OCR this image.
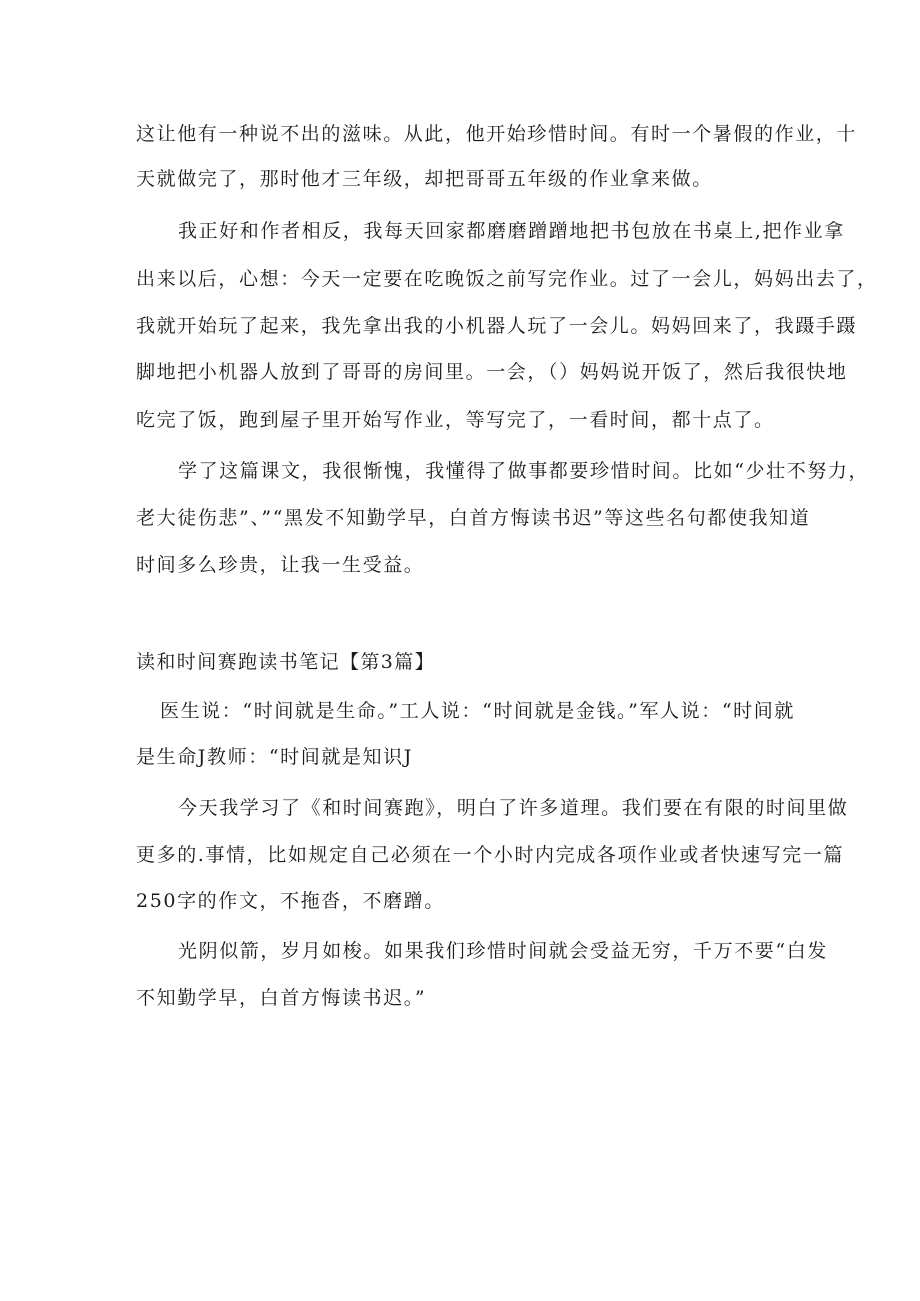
这让他有一种说不出的滋味。从此，他开始珍惜时间。有时一个暑假的作业，十
天就做完了，那时他才三年级，却把哥哥五年级的作业拿来做。
我正好和作者相反，我每天回家都磨磨蹭蹭地把书包放在书桌上,把作业拿
出来以后，心想：今天一定要在吃晚饭之前写完作业。过了一会儿，妈妈出去了，
我就开始玩了起来，我先拿出我的小机器人玩了一会儿。妈妈回来了，我蹑手蹑
脚地把小机器人放到了哥哥的房间里。一会，（）妈妈说开饭了，然后我很快地
吃完了饭，跑到屋子里开始写作业，等写完了，一看时间，都十点了。
学了这篇课文，我很惭愧，我懂得了做事都要珍惜时间。比如“少壮不努力，
老大徒伤悲”、”“黑发不知勤学早，白首方悔读书迟”等这些名句都使我知道
时间多么珍贵，让我一生受益。
读和时间赛跑读书笔记【第3篇】
医生说：“时间就是生命。”工人说：“时间就是金钱。”军人说：“时间就
是生命J教师：“时间就是知识J
今天我学习了《和时间赛跑》，明白了许多道理。我们要在有限的时间里做
更多的.事情，比如规定自己必须在一个小时内完成各项作业或者快速写完一篇
250字的作文，不拖沓，不磨蹭。
光阴似箭，岁月如梭。如果我们珍惜时间就会受益无穷，千万不要“白发
不知勤学早，白首方悔读书迟。”
